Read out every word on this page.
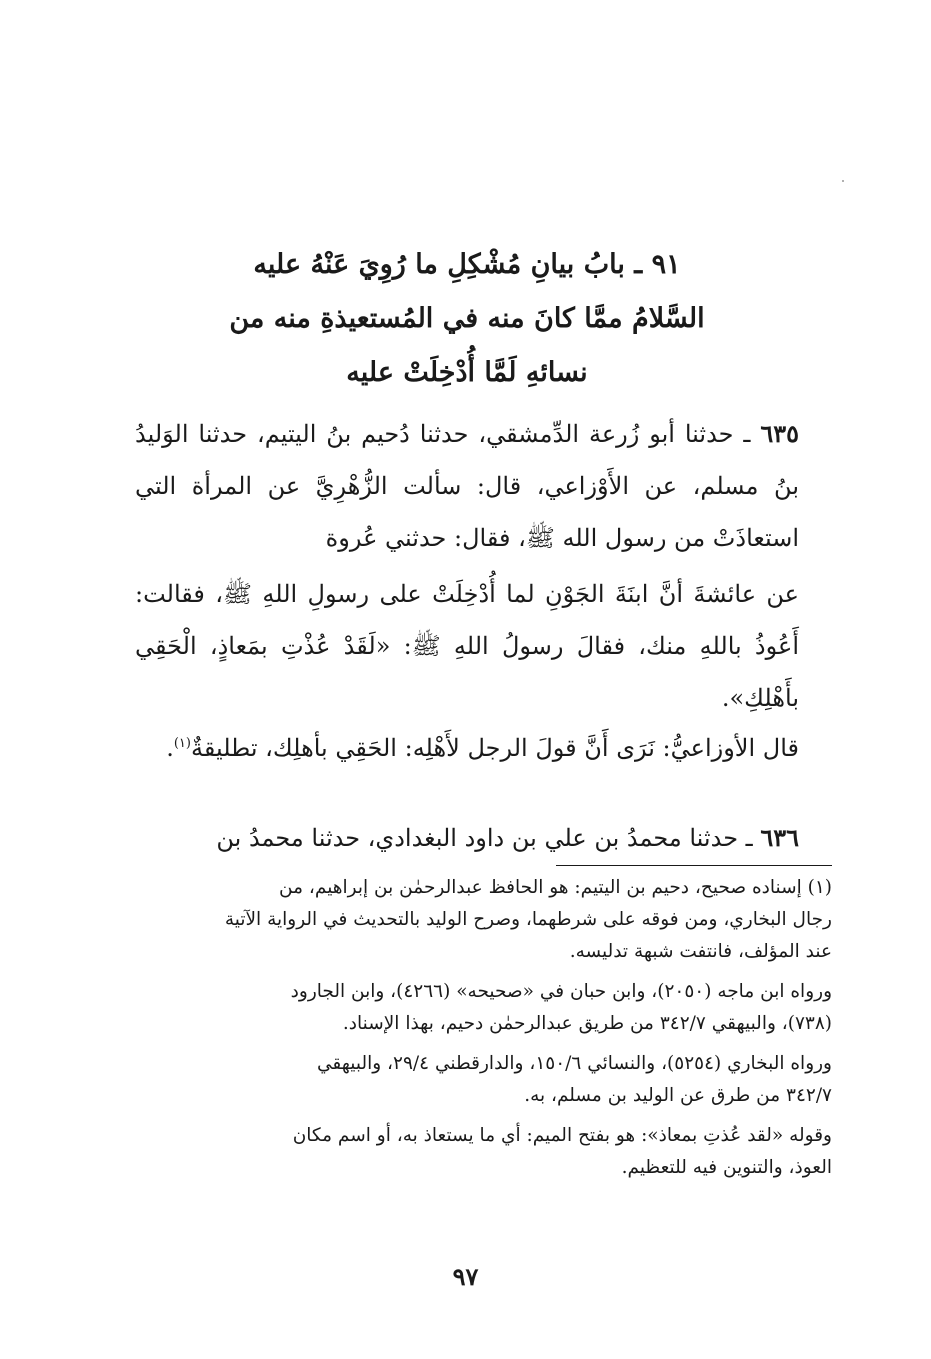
٩١ ـ بابُ بيانِ مُشْكِلِ ما رُوِيَ عَنْهُ عليه
السَّلامُ ممَّا كانَ منه في المُستعيذةِ منه من
نسائهِ لَمَّا أُدْخِلَتْ عليه
٦٣٥ ـ حدثنا أبو زُرعة الدِّمشقي، حدثنا دُحيم بنُ اليتيم، حدثنا الوَليدُ بنُ مسلم، عن الأَوْزاعي، قال: سألت الزُّهْرِيَّ عن المرأة التي استعاذَتْ من رسول الله ﷺ، فقال: حدثني عُروة
عن عائشةَ أنَّ ابنَةَ الجَوْنِ لما أُدْخِلَتْ على رسولِ اللهِ ﷺ، فقالت: أَعُوذُ باللهِ منك، فقالَ رسولُ اللهِ ﷺ: «لَقَدْ عُذْتِ بمَعاذٍ، الْحَقِي بأَهْلِكِ».
قال الأوزاعيُّ: نَرَى أَنَّ قولَ الرجل لأَهْلِه: الحَقِي بأهلِك، تطليقةٌ$^{(١)}$.
٦٣٦ ـ حدثنا محمدُ بن علي بن داود البغدادي، حدثنا محمدُ بن
(١) إسناده صحيح، دحيم بن اليتيم: هو الحافظ عبدالرحمٰن بن إبراهيم، من
رجال البخاري، ومن فوقه على شرطهما، وصرح الوليد بالتحديث في الرواية الآتية
عند المؤلف، فانتفت شبهة تدليسه.
ورواه ابن ماجه (٢٠٥٠)، وابن حبان في «صحيحه» (٤٢٦٦)، وابن الجارود
(٧٣٨)، والبيهقي ٣٤٢/٧ من طريق عبدالرحمٰن دحيم، بهذا الإسناد.
ورواه البخاري (٥٢٥٤)، والنسائي ١٥٠/٦، والدارقطني ٢٩/٤، والبيهقي
٣٤٢/٧ من طرق عن الوليد بن مسلم، به.
وقوله «لقد عُذتِ بمعاذ»: هو بفتح الميم: أي ما يستعاذ به، أو اسم مكان
العوذ، والتنوين فيه للتعظيم.
٩٧
